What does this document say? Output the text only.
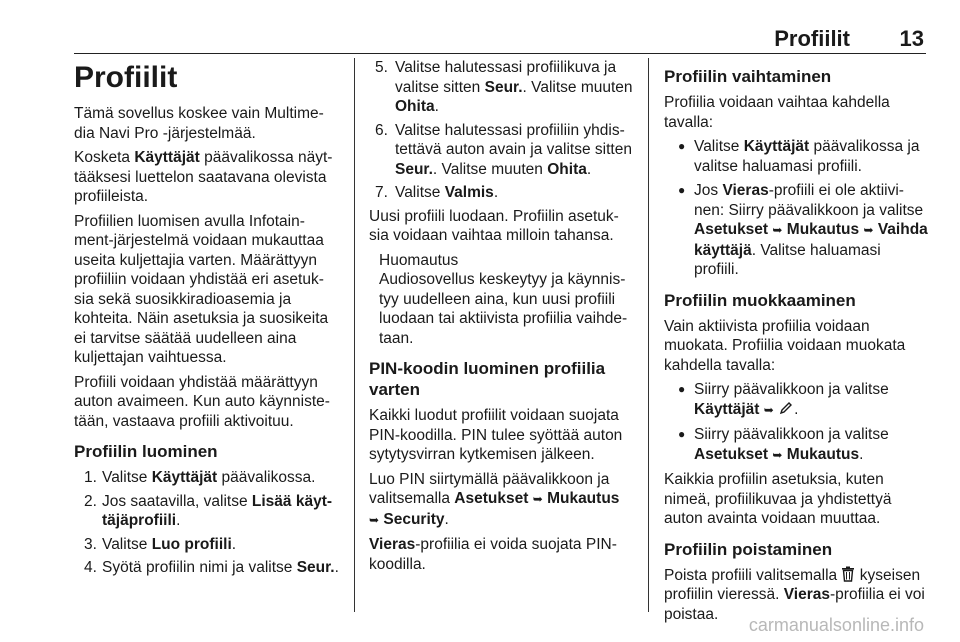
Profiilit 13
Profiilit

Tämä sovellus koskee vain Multime- dia Navi Pro -järjestelmää.

Kosketa Käyttäjät päävalikossa näyt- tääksesi luettelon saatavana olevista profiileista.

Profiilien luomisen avulla Infotain- ment-järjestelmä voidaan mukauttaa useita kuljettajia varten. Määrättyyn profiiliin voidaan yhdistää eri asetuk- sia sekä suosikkiradioasemia ja kohteita. Näin asetuksia ja suosikeita ei tarvitse säätää uudelleen aina kuljettajan vaihtuessa.

Profiili voidaan yhdistää määrättyyn auton avaimeen. Kun auto käynniste- tään, vastaava profiili aktivoituu.

Profiilin luominen
1. Valitse Käyttäjät päävalikossa.
2. Jos saatavilla, valitse Lisää käyt- täjäprofiili.
3. Valitse Luo profiili.
4. Syötä profiilin nimi ja valitse Seur..
5. Valitse halutessasi profiilikuva ja valitse sitten Seur.. Valitse muuten Ohita.
6. Valitse halutessasi profiiliin yhdis- tettävä auton avain ja valitse sitten Seur.. Valitse muuten Ohita.
7. Valitse Valmis.

Uusi profiili luodaan. Profiilin asetuk- sia voidaan vaihtaa milloin tahansa.

Huomautus
Audiosovellus keskeytyy ja käynnis- tyy uudelleen aina, kun uusi profiili luodaan tai aktiivista profiilia vaihde- taan.
PIN-koodin luominen profiilia varten

Kaikki luodut profiilit voidaan suojata PIN-koodilla. PIN tulee syöttää auton sytytysvirran kytkemisen jälkeen.

Luo PIN siirtymällä päävalikkoon ja valitsemalla Asetukset ➥ Mukautus ➥ Security.

Vieras-profiilia ei voida suojata PIN- koodilla.

Profiilin vaihtaminen

Profiilia voidaan vaihtaa kahdella tavalla:

● Valitse Käyttäjät päävalikossa ja valitse haluamasi profiili.
● Jos Vieras-profiili ei ole aktiivi- nen: Siirry päävalikkoon ja valitse Asetukset ➥ Mukautus ➥ Vaihda käyttäjä. Valitse haluamasi profiili.
Profiilin muokkaaminen

Vain aktiivista profiilia voidaan muokata. Profiilia voidaan muokata kahdella tavalla:

● Siirry päävalikkoon ja valitse Käyttäjät ➥ .
● Siirry päävalikkoon ja valitse Asetukset ➥ Mukautus.

Kaikkia profiilin asetuksia, kuten nimeä, profiilikuvaa ja yhdistettyä auton avainta voidaan muuttaa.

Profiilin poistaminen

Poista profiili valitsemalla  kyseisen profiilin vieressä. Vieras-profiilia ei voi poistaa.

carmanualsonline.info
